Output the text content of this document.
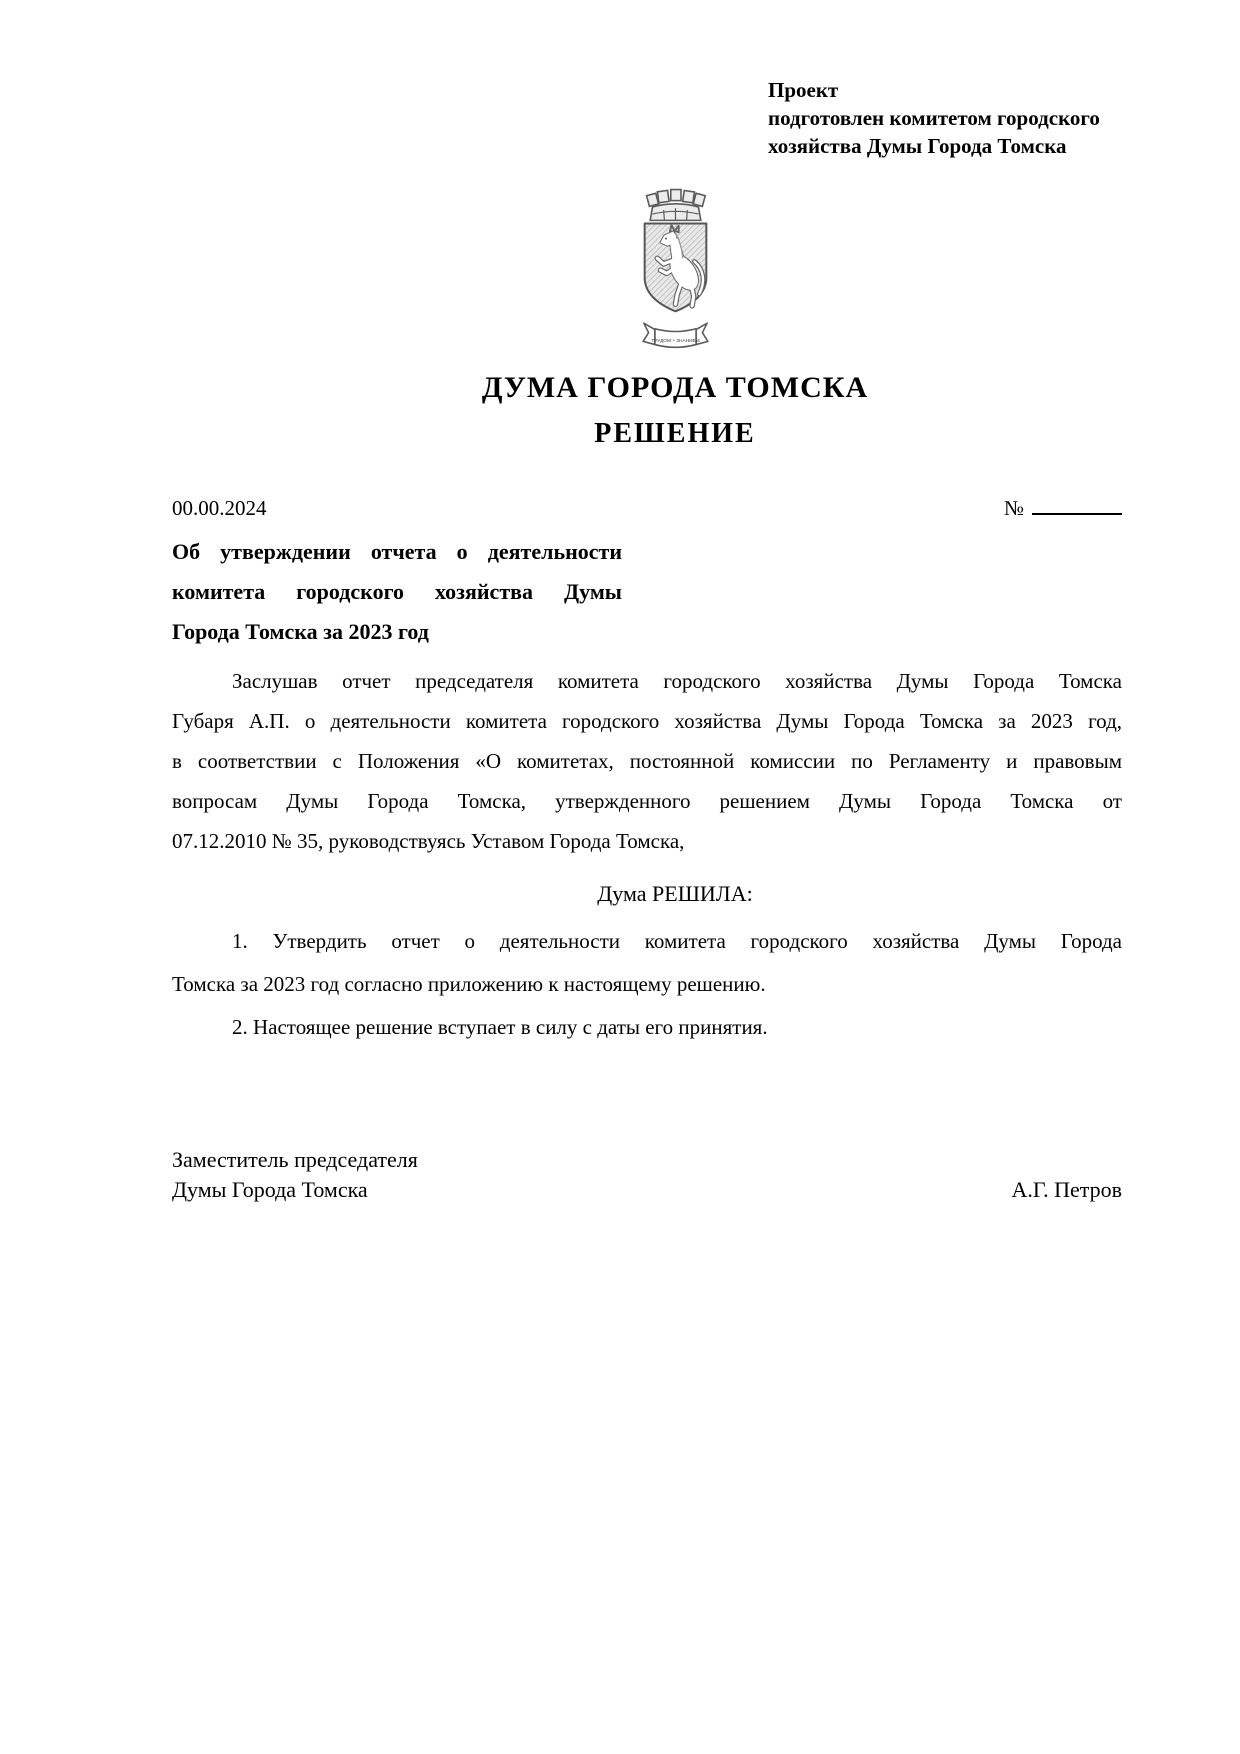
Проект
подготовлен комитетом городского
хозяйства Думы Города Томска
ТРУДОМ + ЗНАНИЕМ
ДУМА ГОРОДА ТОМСКА
РЕШЕНИЕ
00.00.2024	№
Об утверждении отчета о деятельности
комитета городского хозяйства Думы
Города Томска за 2023 год
Заслушав отчет председателя комитета городского хозяйства Думы Города Томска
Губаря А.П. о деятельности комитета городского хозяйства Думы Города Томска за 2023 год,
в соответствии с Положения «О комитетах, постоянной комиссии по Регламенту и правовым
вопросам Думы Города Томска, утвержденного решением Думы Города Томска от
07.12.2010 № 35, руководствуясь Уставом Города Томска,
Дума РЕШИЛА:
1. Утвердить отчет о деятельности комитета городского хозяйства Думы Города
Томска за 2023 год согласно приложению к настоящему решению.
2. Настоящее решение вступает в силу с даты его принятия.
Заместитель председателя
Думы Города Томска	А.Г. Петров
